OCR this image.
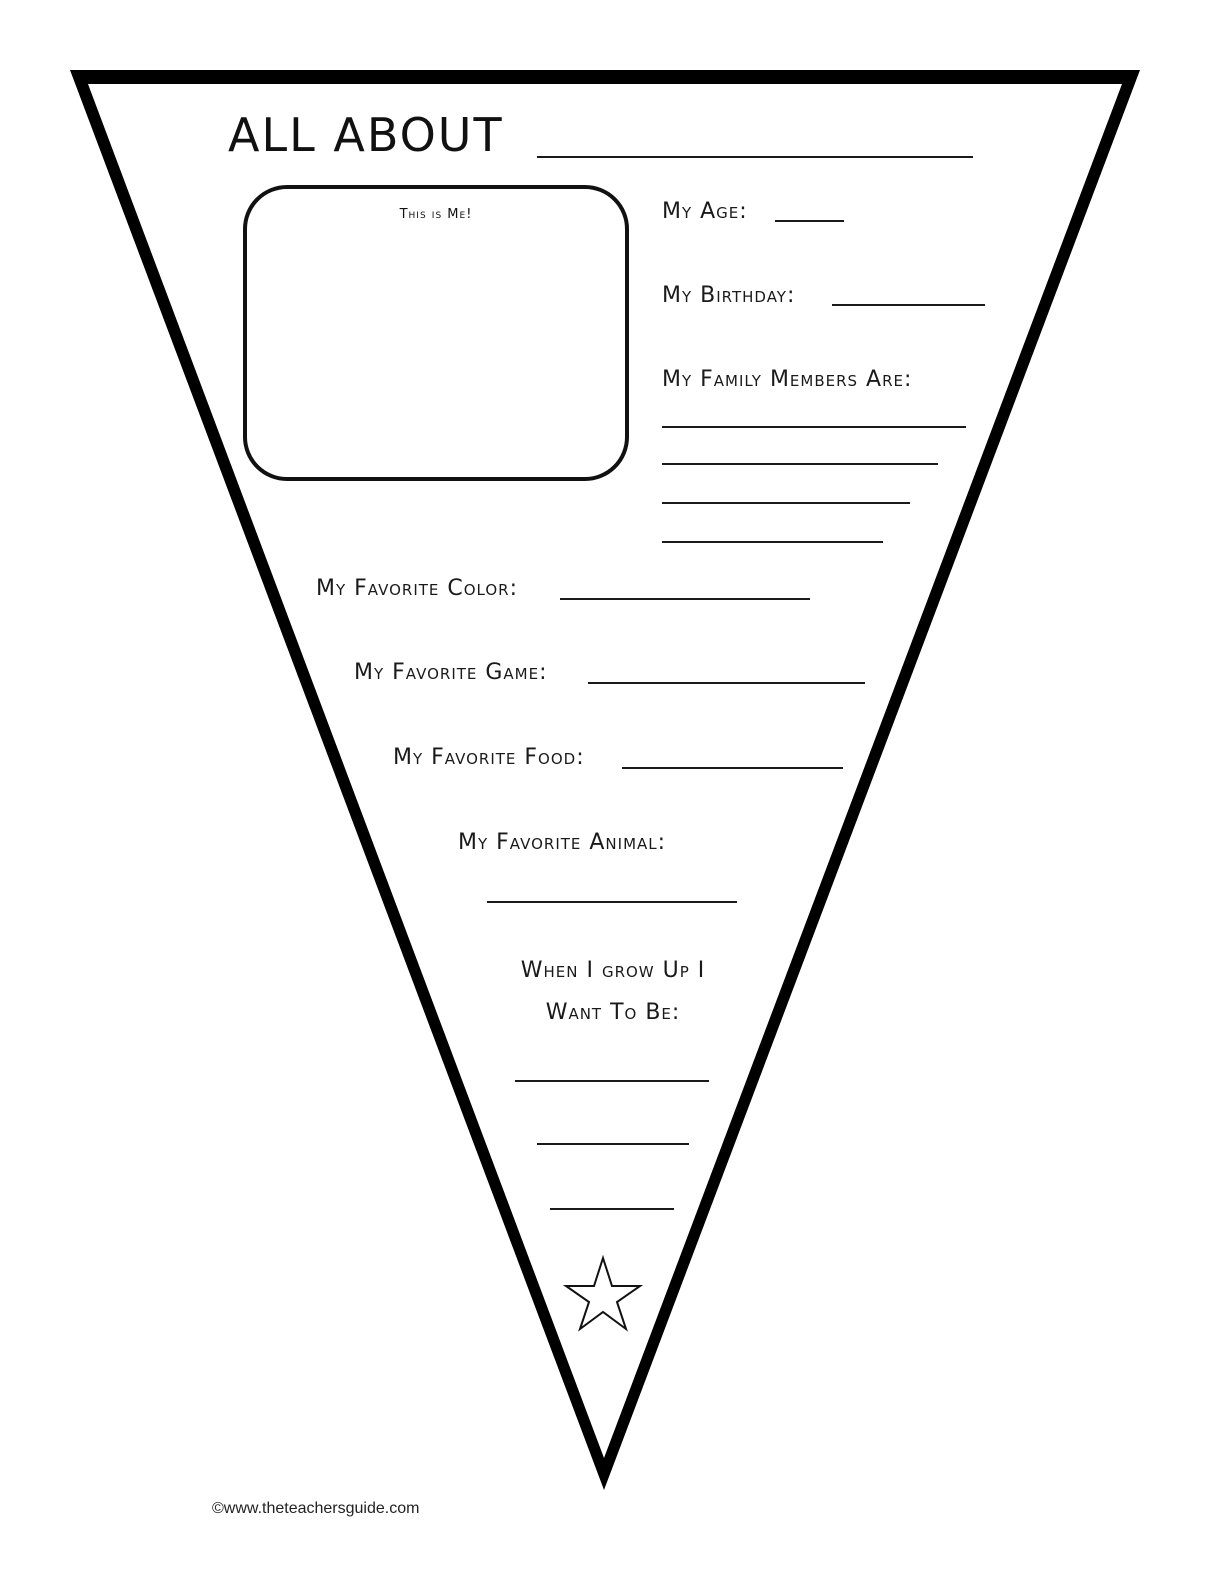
ALL ABOUT
This is Me!	My Age:
My Birthday:
My Family Members Are:
My Favorite Color:
My Favorite Game:
My Favorite Food:
My Favorite Animal:
When I grow Up I
Want To Be:
©www.theteachersguide.com
